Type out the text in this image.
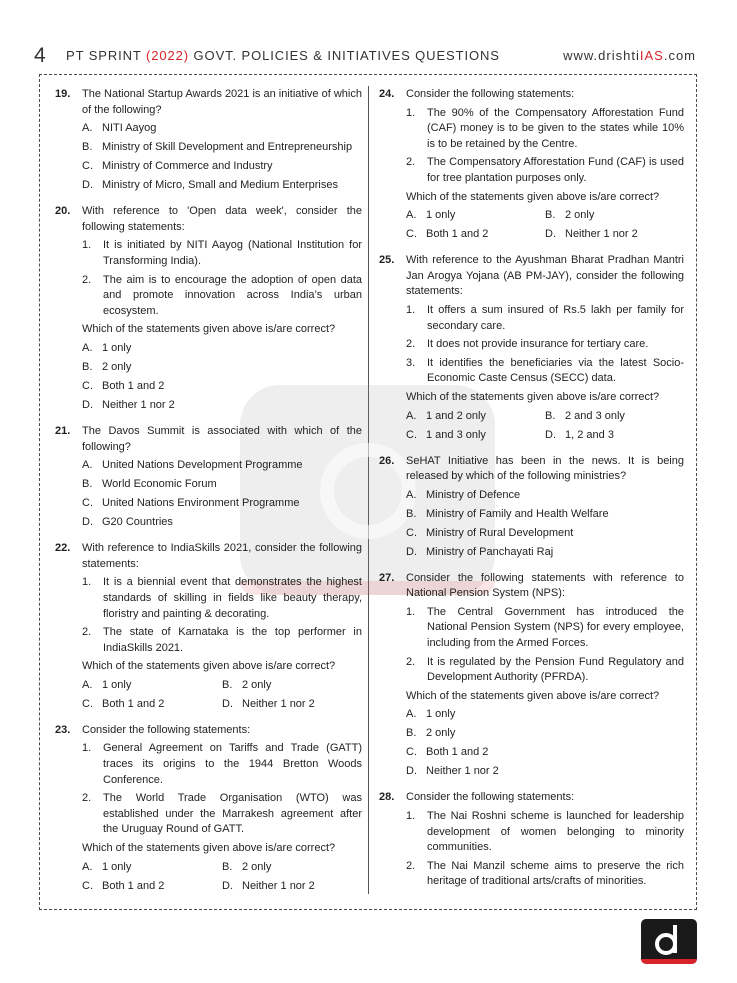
4 PT SPRINT (2022) GOVT. POLICIES & INITIATIVES QUESTIONS	www.drishtiIAS.com
19. The National Startup Awards 2021 is an initiative of which of the following?
A. NITI Aayog
B. Ministry of Skill Development and Entrepreneurship
C. Ministry of Commerce and Industry
D. Ministry of Micro, Small and Medium Enterprises
20. With reference to 'Open data week', consider the following statements:
1. It is initiated by NITI Aayog (National Institution for Transforming India).
2. The aim is to encourage the adoption of open data and promote innovation across India’s urban ecosystem.
Which of the statements given above is/are correct?
A. 1 only
B. 2 only
C. Both 1 and 2
D. Neither 1 nor 2
21. The Davos Summit is associated with which of the following?
A. United Nations Development Programme
B. World Economic Forum
C. United Nations Environment Programme
D. G20 Countries
22. With reference to IndiaSkills 2021, consider the following statements:
1. It is a biennial event that demonstrates the highest standards of skilling in fields like beauty therapy, floristry and painting & decorating.
2. The state of Karnataka is the top performer in IndiaSkills 2021.
Which of the statements given above is/are correct?
A. 1 only	B. 2 only
C. Both 1 and 2	D. Neither 1 nor 2
23. Consider the following statements:
1. General Agreement on Tariffs and Trade (GATT) traces its origins to the 1944 Bretton Woods Conference.
2. The World Trade Organisation (WTO) was established under the Marrakesh agreement after the Uruguay Round of GATT.
Which of the statements given above is/are correct?
A. 1 only	B. 2 only
C. Both 1 and 2	D. Neither 1 nor 2
24. Consider the following statements:
1. The 90% of the Compensatory Afforestation Fund (CAF) money is to be given to the states while 10% is to be retained by the Centre.
2. The Compensatory Afforestation Fund (CAF) is used for tree plantation purposes only.
Which of the statements given above is/are correct?
A. 1 only	B. 2 only
C. Both 1 and 2	D. Neither 1 nor 2
25. With reference to the Ayushman Bharat Pradhan Mantri Jan Arogya Yojana (AB PM-JAY), consider the following statements:
1. It offers a sum insured of Rs.5 lakh per family for secondary care.
2. It does not provide insurance for tertiary care.
3. It identifies the beneficiaries via the latest Socio-Economic Caste Census (SECC) data.
Which of the statements given above is/are correct?
A. 1 and 2 only	B. 2 and 3 only
C. 1 and 3 only	D. 1, 2 and 3
26. SeHAT Initiative has been in the news. It is being released by which of the following ministries?
A. Ministry of Defence
B. Ministry of Family and Health Welfare
C. Ministry of Rural Development
D. Ministry of Panchayati Raj
27. Consider the following statements with reference to National Pension System (NPS):
1. The Central Government has introduced the National Pension System (NPS) for every employee, including from the Armed Forces.
2. It is regulated by the Pension Fund Regulatory and Development Authority (PFRDA).
Which of the statements given above is/are correct?
A. 1 only
B. 2 only
C. Both 1 and 2
D. Neither 1 nor 2
28. Consider the following statements:
1. The Nai Roshni scheme is launched for leadership development of women belonging to minority communities.
2. The Nai Manzil scheme aims to preserve the rich heritage of traditional arts/crafts of minorities.
